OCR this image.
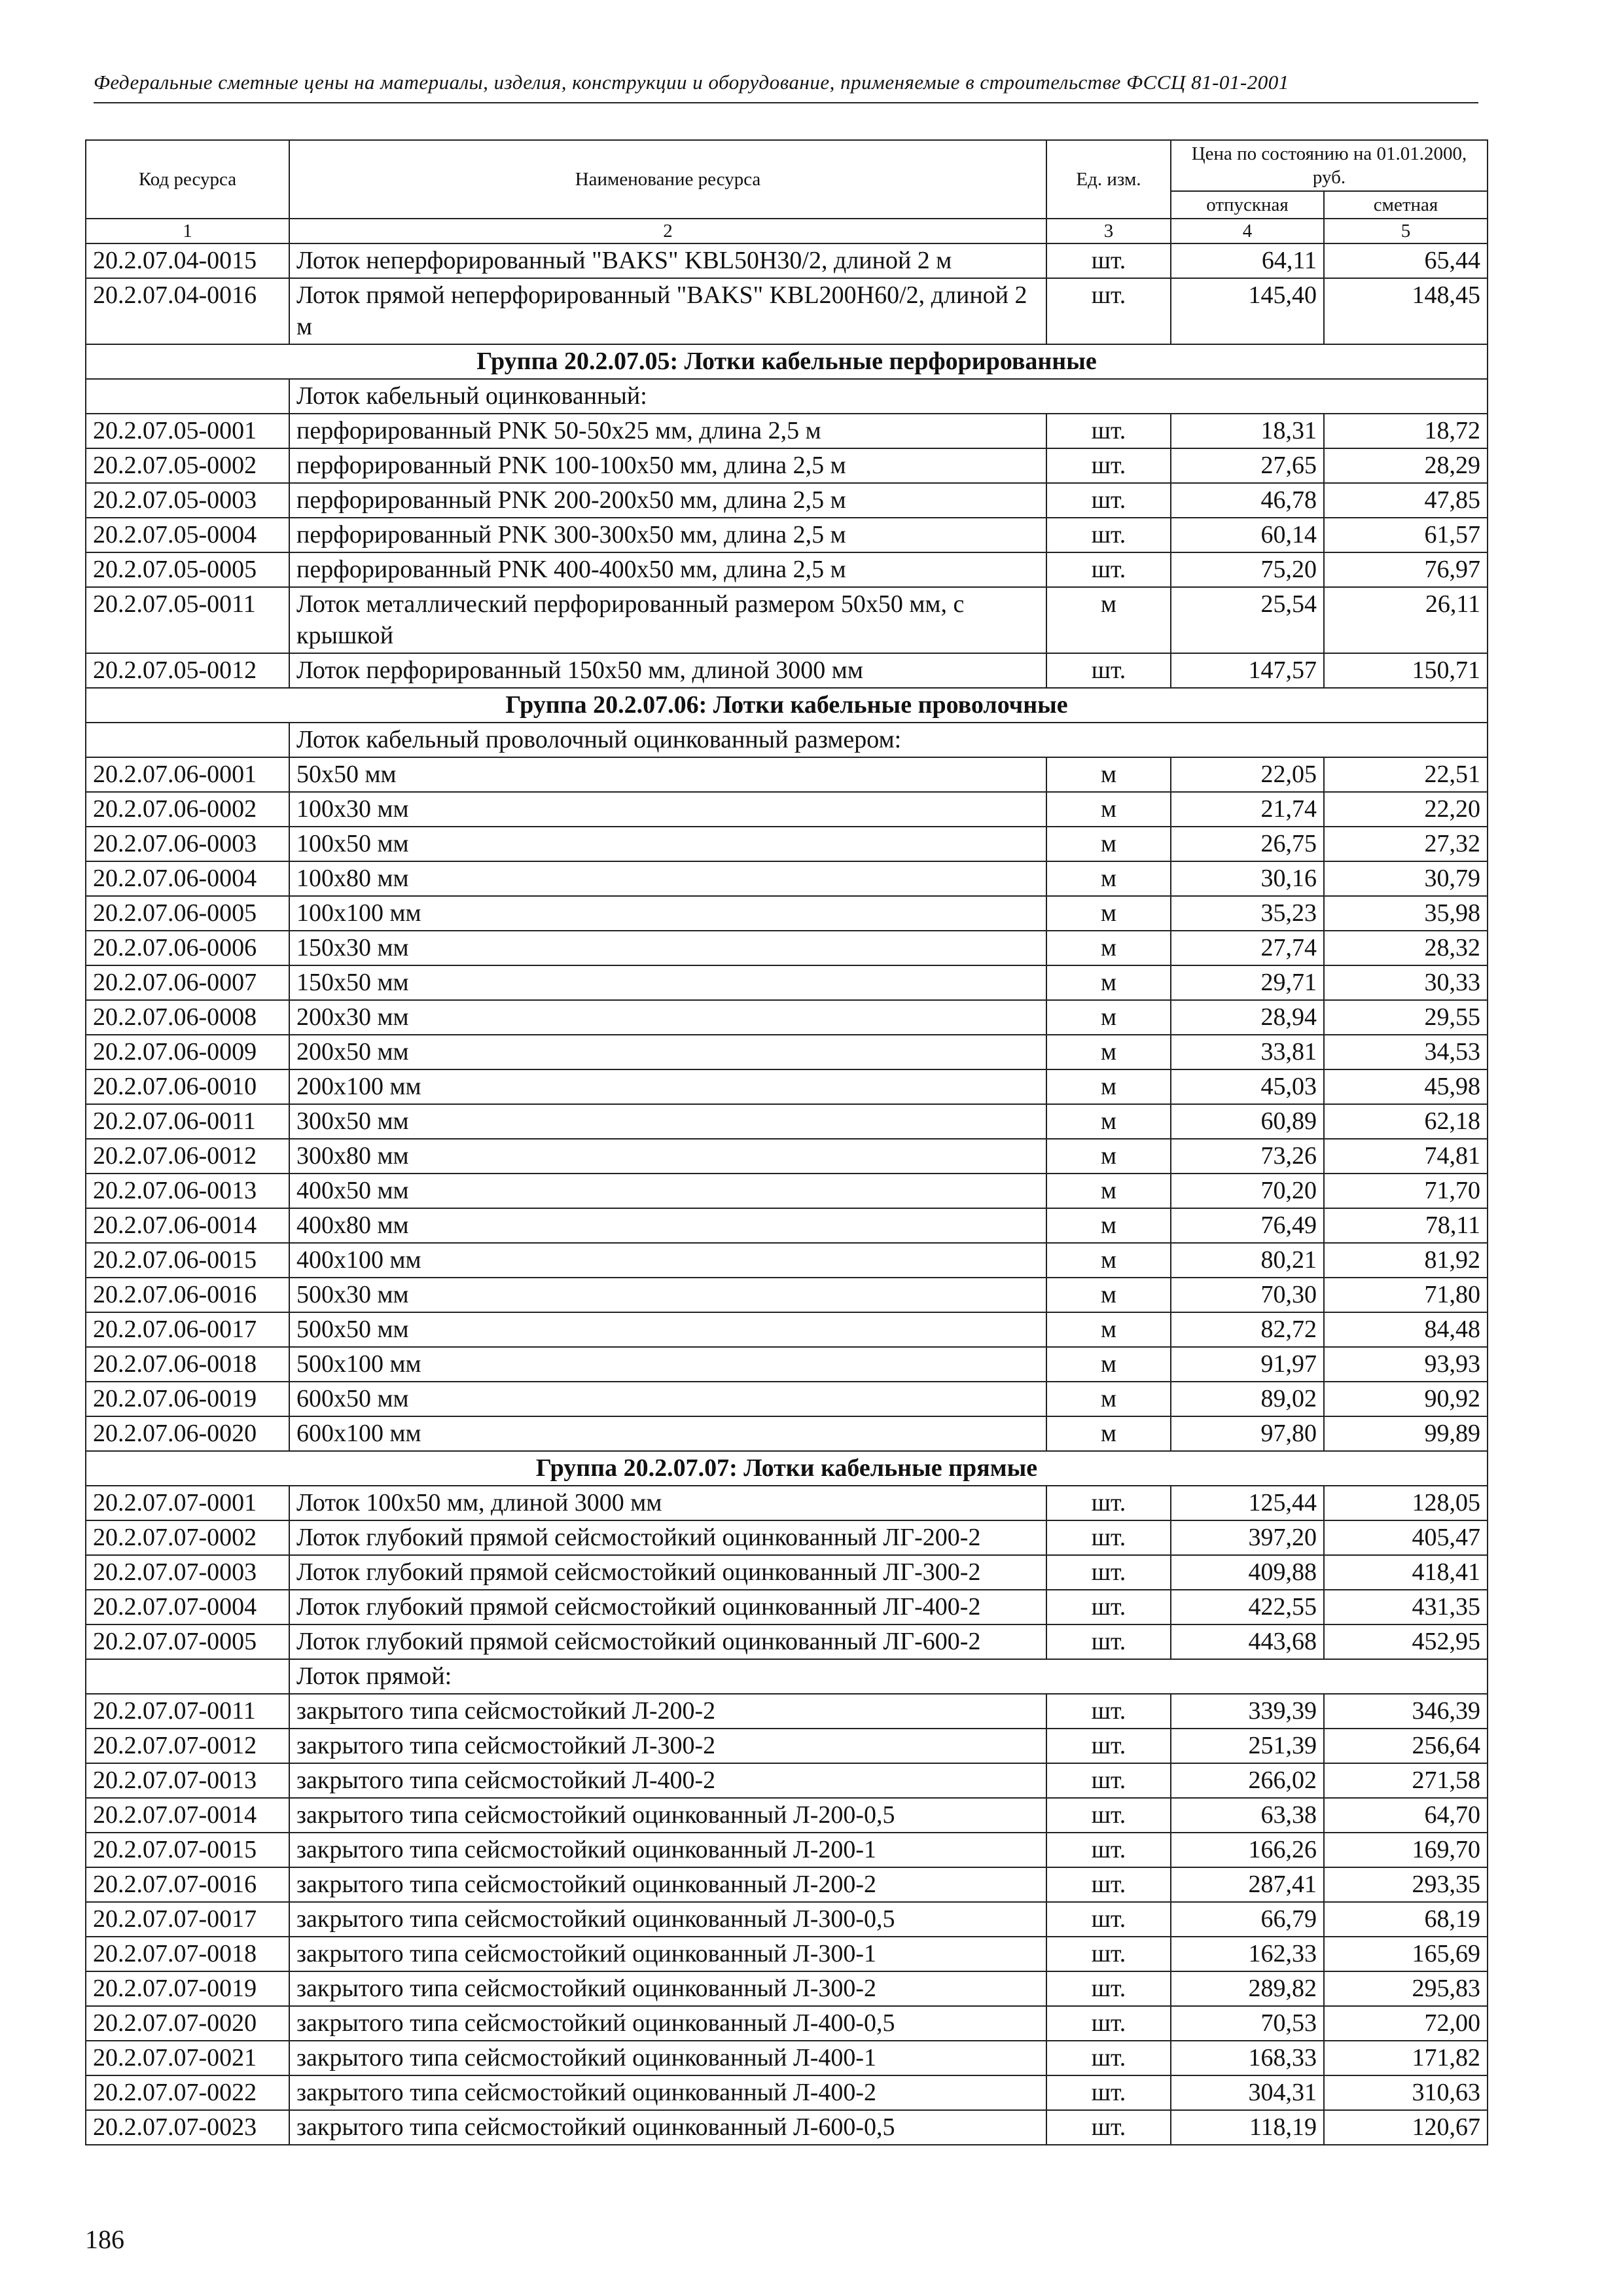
Федеральные сметные цены на материалы, изделия, конструкции и оборудование, применяемые в строительстве ФССЦ 81-01-2001
Код ресурса	Наименование ресурса	Ед. изм.	Цена по состоянию на 01.01.2000, руб.	
			отпускная	сметная
1	2	3	4	5
20.2.07.04-0015	Лоток неперфорированный "BAKS" KBL50H30/2, длиной 2 м	шт.	64,11	65,44
20.2.07.04-0016	Лоток прямой неперфорированный "BAKS" KBL200H60/2, длиной 2 м	шт.	145,40	148,45
Группа 20.2.07.05: Лотки кабельные перфорированные				
	Лоток кабельный оцинкованный:			
20.2.07.05-0001	перфорированный PNK 50-50х25 мм, длина 2,5 м	шт.	18,31	18,72
20.2.07.05-0002	перфорированный PNK 100-100х50 мм, длина 2,5 м	шт.	27,65	28,29
20.2.07.05-0003	перфорированный PNK 200-200х50 мм, длина 2,5 м	шт.	46,78	47,85
20.2.07.05-0004	перфорированный PNK 300-300х50 мм, длина 2,5 м	шт.	60,14	61,57
20.2.07.05-0005	перфорированный PNK 400-400х50 мм, длина 2,5 м	шт.	75,20	76,97
20.2.07.05-0011	Лоток металлический перфорированный размером 50х50 мм, с крышкой	м	25,54	26,11
20.2.07.05-0012	Лоток перфорированный 150х50 мм, длиной 3000 мм	шт.	147,57	150,71
Группа 20.2.07.06: Лотки кабельные проволочные				
	Лоток кабельный проволочный оцинкованный размером:			
20.2.07.06-0001	50х50 мм	м	22,05	22,51
20.2.07.06-0002	100х30 мм	м	21,74	22,20
20.2.07.06-0003	100х50 мм	м	26,75	27,32
20.2.07.06-0004	100х80 мм	м	30,16	30,79
20.2.07.06-0005	100х100 мм	м	35,23	35,98
20.2.07.06-0006	150х30 мм	м	27,74	28,32
20.2.07.06-0007	150х50 мм	м	29,71	30,33
20.2.07.06-0008	200х30 мм	м	28,94	29,55
20.2.07.06-0009	200х50 мм	м	33,81	34,53
20.2.07.06-0010	200х100 мм	м	45,03	45,98
20.2.07.06-0011	300х50 мм	м	60,89	62,18
20.2.07.06-0012	300х80 мм	м	73,26	74,81
20.2.07.06-0013	400х50 мм	м	70,20	71,70
20.2.07.06-0014	400х80 мм	м	76,49	78,11
20.2.07.06-0015	400х100 мм	м	80,21	81,92
20.2.07.06-0016	500х30 мм	м	70,30	71,80
20.2.07.06-0017	500х50 мм	м	82,72	84,48
20.2.07.06-0018	500х100 мм	м	91,97	93,93
20.2.07.06-0019	600х50 мм	м	89,02	90,92
20.2.07.06-0020	600х100 мм	м	97,80	99,89
Группа 20.2.07.07: Лотки кабельные прямые				
20.2.07.07-0001	Лоток 100х50 мм, длиной 3000 мм	шт.	125,44	128,05
20.2.07.07-0002	Лоток глубокий прямой сейсмостойкий оцинкованный ЛГ-200-2	шт.	397,20	405,47
20.2.07.07-0003	Лоток глубокий прямой сейсмостойкий оцинкованный ЛГ-300-2	шт.	409,88	418,41
20.2.07.07-0004	Лоток глубокий прямой сейсмостойкий оцинкованный ЛГ-400-2	шт.	422,55	431,35
20.2.07.07-0005	Лоток глубокий прямой сейсмостойкий оцинкованный ЛГ-600-2	шт.	443,68	452,95
	Лоток прямой:			
20.2.07.07-0011	закрытого типа сейсмостойкий Л-200-2	шт.	339,39	346,39
20.2.07.07-0012	закрытого типа сейсмостойкий Л-300-2	шт.	251,39	256,64
20.2.07.07-0013	закрытого типа сейсмостойкий Л-400-2	шт.	266,02	271,58
20.2.07.07-0014	закрытого типа сейсмостойкий оцинкованный Л-200-0,5	шт.	63,38	64,70
20.2.07.07-0015	закрытого типа сейсмостойкий оцинкованный Л-200-1	шт.	166,26	169,70
20.2.07.07-0016	закрытого типа сейсмостойкий оцинкованный Л-200-2	шт.	287,41	293,35
20.2.07.07-0017	закрытого типа сейсмостойкий оцинкованный Л-300-0,5	шт.	66,79	68,19
20.2.07.07-0018	закрытого типа сейсмостойкий оцинкованный Л-300-1	шт.	162,33	165,69
20.2.07.07-0019	закрытого типа сейсмостойкий оцинкованный Л-300-2	шт.	289,82	295,83
20.2.07.07-0020	закрытого типа сейсмостойкий оцинкованный Л-400-0,5	шт.	70,53	72,00
20.2.07.07-0021	закрытого типа сейсмостойкий оцинкованный Л-400-1	шт.	168,33	171,82
20.2.07.07-0022	закрытого типа сейсмостойкий оцинкованный Л-400-2	шт.	304,31	310,63
20.2.07.07-0023	закрытого типа сейсмостойкий оцинкованный Л-600-0,5	шт.	118,19	120,67
186
